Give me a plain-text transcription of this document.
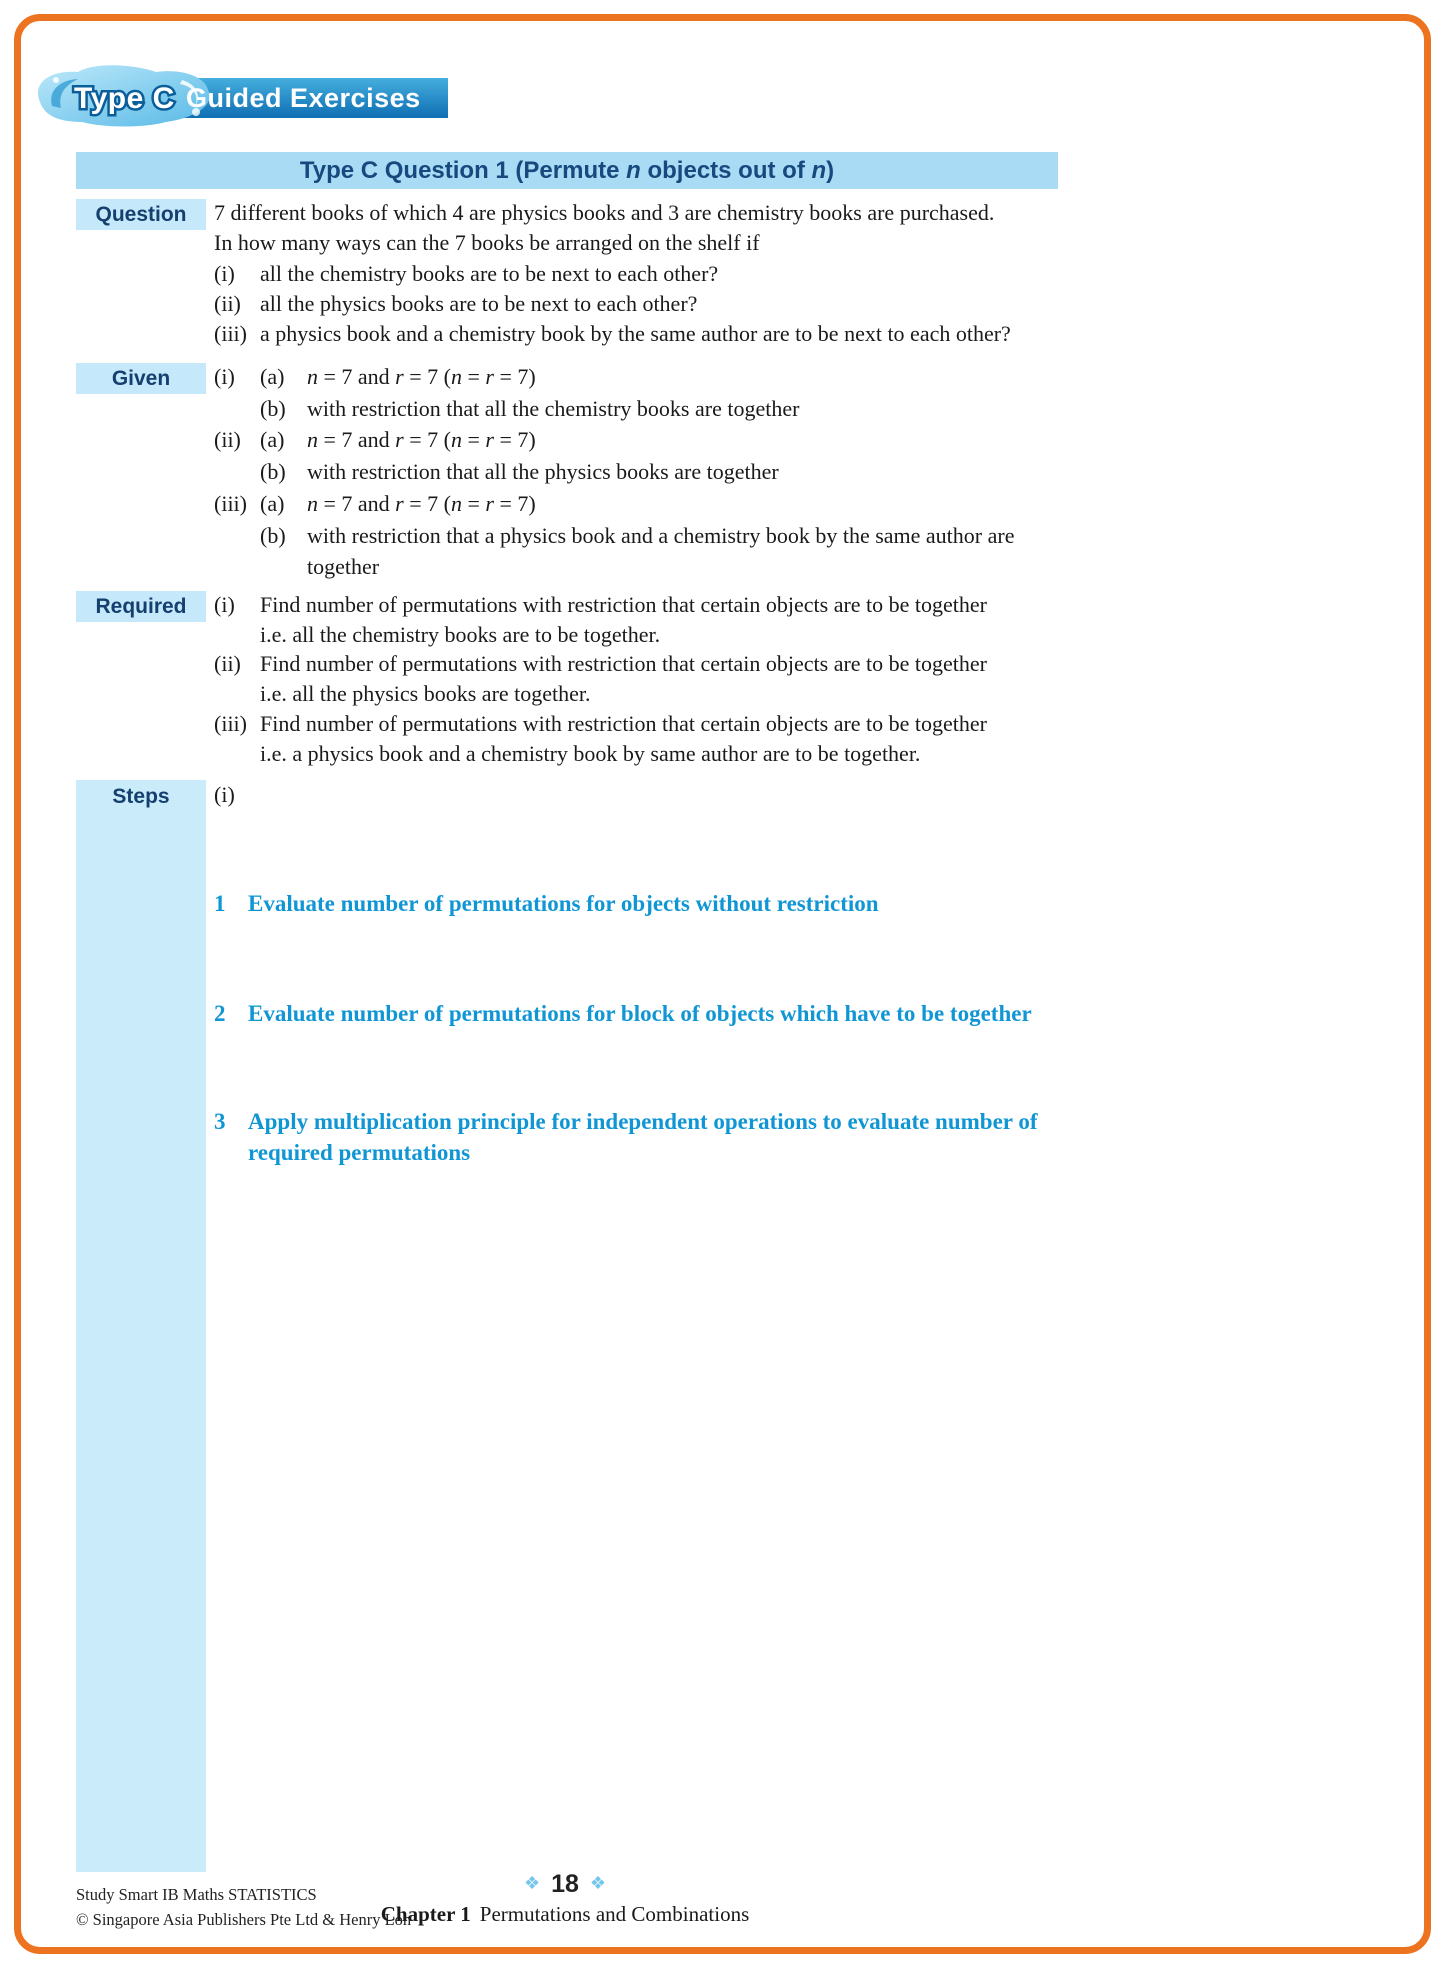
Type C Guided Exercises
Type C Question 1 (Permute n objects out of n )
Question	7 different books of which 4 are physics books and 3 are chemistry books are purchased.

In how many ways can the 7 books be arranged on the shelf if

(i)	all the chemistry books are to be next to each other?
(ii) all the physics books are to be next to each other?
(iii) a physics book and a chemistry book by the same author are to be next to each other?
Given	(i)	(a)	n = 7 and r = 7 (n = r = 7)
(b) with restriction that all the chemistry books are together
(ii) (a)	n = 7 and r = 7 (n = r = 7)
(b) with restriction that all the physics books are together
(iii) (a)	n = 7 and r = 7 (n = r = 7)
(b) with restriction that a physics book and a chemistry book by the same author are
together
Required	(i)	Find number of permutations with restriction that certain objects are to be together
i.e. all the chemistry books are to be together.
(ii) Find number of permutations with restriction that certain objects are to be together
i.e. all the physics books are together.
(iii) Find number of permutations with restriction that certain objects are to be together
i.e. a physics book and a chemistry book by same author are to be together.
Steps	(i)
1 Evaluate number of permutations for objects without restriction
2 Evaluate number of permutations for block of objects which have to be together
3 Apply multiplication principle for independent operations to evaluate number of required permutations
Study Smart IB Maths STATISTICS
© Singapore Asia Publishers Pte Ltd & Henry Loh
❖ 18 ❖
Chapter 1 Permutations and Combinations
